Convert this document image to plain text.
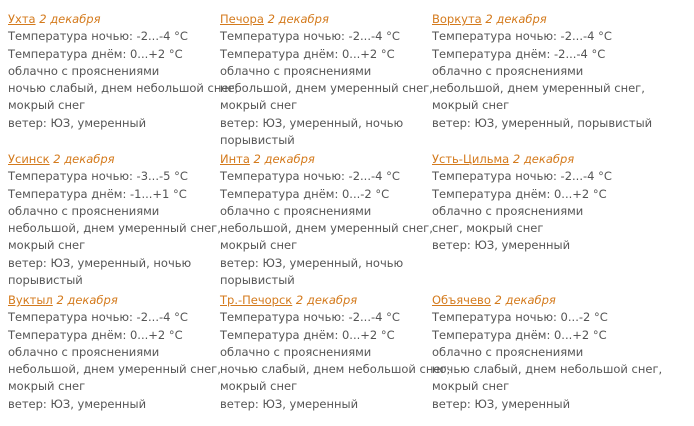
Ухта 2 декабря
Температура ночью: -2...-4 °C
Температура днём: 0...+2 °C
облачно с прояснениями
ночью слабый, днем небольшой снег,
мокрый снег
ветер: ЮЗ, умеренный
Печора 2 декабря
Температура ночью: -2...-4 °C
Температура днём: 0...+2 °C
облачно с прояснениями
небольшой, днем умеренный снег,
мокрый снег
ветер: ЮЗ, умеренный, ночью
порывистый
Воркута 2 декабря
Температура ночью: -2...-4 °C
Температура днём: -2...-4 °C
облачно с прояснениями
небольшой, днем умеренный снег,
мокрый снег
ветер: ЮЗ, умеренный, порывистый
Усинск 2 декабря
Температура ночью: -3...-5 °C
Температура днём: -1...+1 °C
облачно с прояснениями
небольшой, днем умеренный снег,
мокрый снег
ветер: ЮЗ, умеренный, ночью
порывистый
Инта 2 декабря
Температура ночью: -2...-4 °C
Температура днём: 0...-2 °C
облачно с прояснениями
небольшой, днем умеренный снег,
мокрый снег
ветер: ЮЗ, умеренный, ночью
порывистый
Усть-Цильма 2 декабря
Температура ночью: -2...-4 °C
Температура днём: 0...+2 °C
облачно с прояснениями
снег, мокрый снег
ветер: ЮЗ, умеренный
Вуктыл 2 декабря
Температура ночью: -2...-4 °C
Температура днём: 0...+2 °C
облачно с прояснениями
небольшой, днем умеренный снег,
мокрый снег
ветер: ЮЗ, умеренный
Тр.-Печорск 2 декабря
Температура ночью: -2...-4 °C
Температура днём: 0...+2 °C
облачно с прояснениями
ночью слабый, днем небольшой снег,
мокрый снег
ветер: ЮЗ, умеренный
Объячево 2 декабря
Температура ночью: 0...-2 °C
Температура днём: 0...+2 °C
облачно с прояснениями
ночью слабый, днем небольшой снег,
мокрый снег
ветер: ЮЗ, умеренный
